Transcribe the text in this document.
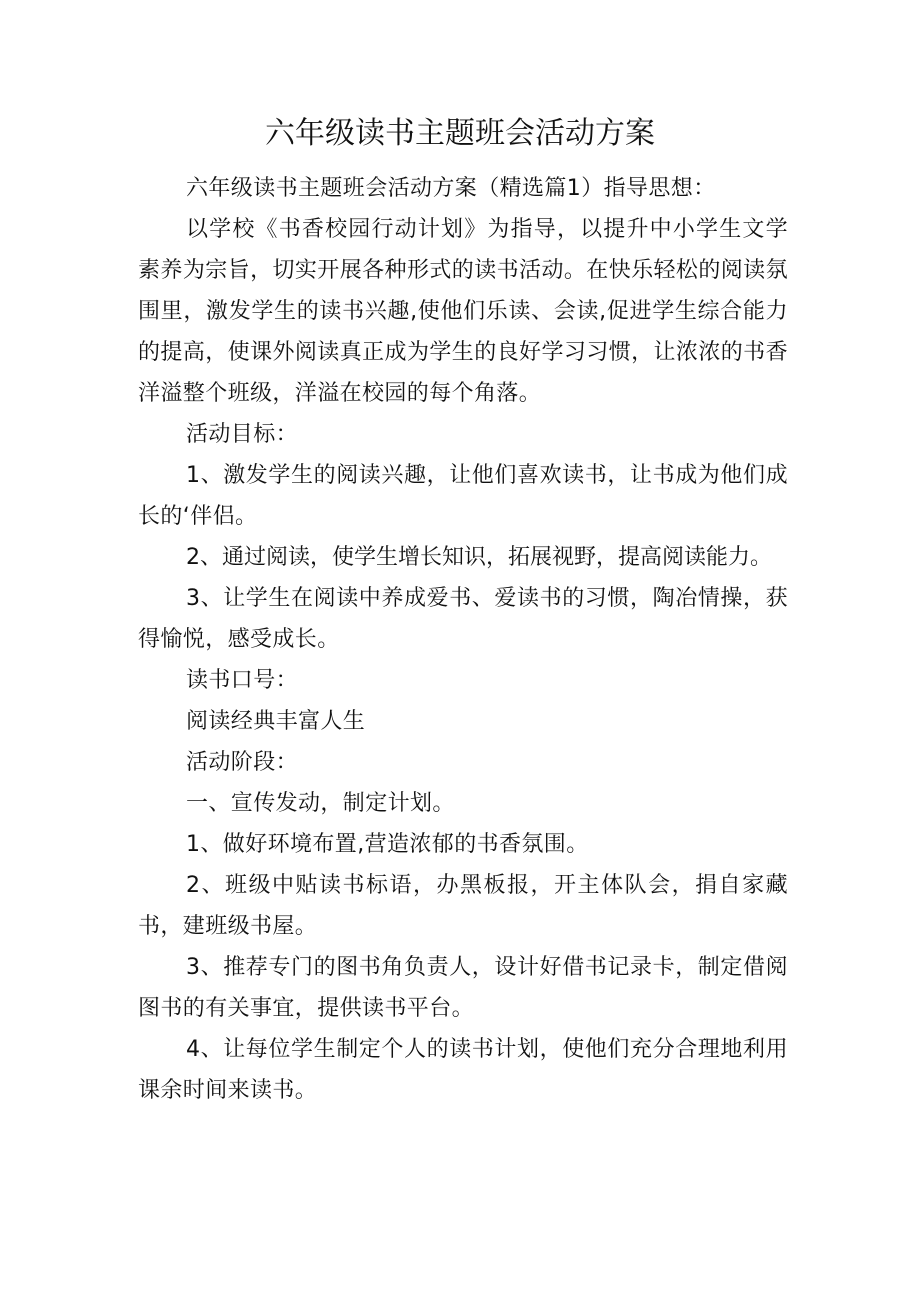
六年级读书主题班会活动方案

六年级读书主题班会活动方案（精选篇1）指导思想：

以学校《书香校园行动计划》为指导，以提升中小学生文学素养为宗旨，切实开展各种形式的读书活动。在快乐轻松的阅读氛围里，激发学生的读书兴趣,使他们乐读、会读,促进学生综合能力的提高，使课外阅读真正成为学生的良好学习习惯，让浓浓的书香洋溢整个班级，洋溢在校园的每个角落。

活动目标：

1、激发学生的阅读兴趣，让他们喜欢读书，让书成为他们成长的‘伴侣。

2、通过阅读，使学生增长知识，拓展视野，提高阅读能力。

3、让学生在阅读中养成爱书、爱读书的习惯，陶冶情操，获得愉悦，感受成长。

读书口号：

阅读经典丰富人生

活动阶段：

一、宣传发动，制定计划。

1、做好环境布置,营造浓郁的书香氛围。

2、班级中贴读书标语，办黑板报，开主体队会，捐自家藏书，建班级书屋。

3、推荐专门的图书角负责人，设计好借书记录卡，制定借阅图书的有关事宜，提供读书平台。

4、让每位学生制定个人的读书计划，使他们充分合理地利用课余时间来读书。
